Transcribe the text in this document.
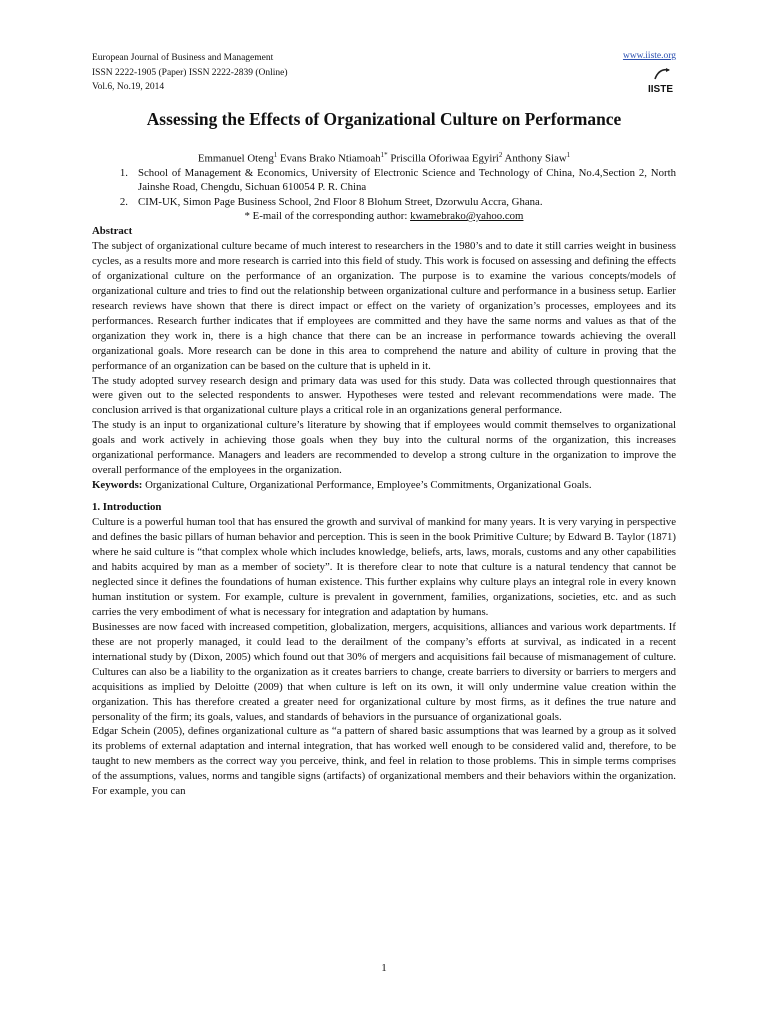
European Journal of Business and Management
ISSN 2222-1905 (Paper) ISSN 2222-2839 (Online)
Vol.6, No.19, 2014
www.iiste.org
IISTE
Assessing the Effects of Organizational Culture on Performance
Emmanuel Oteng$^1$ Evans Brako Ntiamoah$^{1*}$ Priscilla Oforiwaa Egyiri$^2$ Anthony Siaw$^1$
1. School of Management & Economics, University of Electronic Science and Technology of China, No.4,Section 2, North Jainshe Road, Chengdu, Sichuan 610054 P. R. China
2. CIM-UK, Simon Page Business School, 2nd Floor 8 Blohum Street, Dzorwulu Accra, Ghana.
* E-mail of the corresponding author: kwamebrako@yahoo.com

Abstract

The subject of organizational culture became of much interest to researchers in the 1980’s and to date it still carries weight in business cycles, as a results more and more research is carried into this field of study. This work is focused on assessing and defining the effects of organizational culture on the performance of an organization. The purpose is to examine the various concepts/models of organizational culture and tries to find out the relationship between organizational culture and performance in a business setup. Earlier research reviews have shown that there is direct impact or effect on the variety of organization’s processes, employees and its performances. Research further indicates that if employees are committed and they have the same norms and values as that of the organization they work in, there is a high chance that there can be an increase in performance towards achieving the overall organizational goals. More research can be done in this area to comprehend the nature and ability of culture in proving that the performance of an organization can be based on the culture that is upheld in it.

The study adopted survey research design and primary data was used for this study. Data was collected through questionnaires that were given out to the selected respondents to answer. Hypotheses were tested and relevant recommendations were made. The conclusion arrived is that organizational culture plays a critical role in an organizations general performance.

The study is an input to organizational culture’s literature by showing that if employees would commit themselves to organizational goals and work actively in achieving those goals when they buy into the cultural norms of the organization, this increases organizational performance. Managers and leaders are recommended to develop a strong culture in the organization to improve the overall performance of the employees in the organization.

Keywords: Organizational Culture, Organizational Performance, Employee’s Commitments, Organizational Goals.

1. Introduction

Culture is a powerful human tool that has ensured the growth and survival of mankind for many years. It is very varying in perspective and defines the basic pillars of human behavior and perception. This is seen in the book Primitive Culture; by Edward B. Taylor (1871) where he said culture is “that complex whole which includes knowledge, beliefs, arts, laws, morals, customs and any other capabilities and habits acquired by man as a member of society”. It is therefore clear to note that culture is a natural tendency that cannot be neglected since it defines the foundations of human existence. This further explains why culture plays an integral role in every known human institution or system. For example, culture is prevalent in government, families, organizations, societies, etc. and as such carries the very embodiment of what is necessary for integration and adaptation by humans.

Businesses are now faced with increased competition, globalization, mergers, acquisitions, alliances and various work departments. If these are not properly managed, it could lead to the derailment of the company’s efforts at survival, as indicated in a recent international study by (Dixon, 2005) which found out that 30% of mergers and acquisitions fail because of mismanagement of culture. Cultures can also be a liability to the organization as it creates barriers to change, create barriers to diversity or barriers to mergers and acquisitions as implied by Deloitte (2009) that when culture is left on its own, it will only undermine value creation within the organization. This has therefore created a greater need for organizational culture by most firms, as it defines the true nature and personality of the firm; its goals, values, and standards of behaviors in the pursuance of organizational goals.

Edgar Schein (2005), defines organizational culture as “a pattern of shared basic assumptions that was learned by a group as it solved its problems of external adaptation and internal integration, that has worked well enough to be considered valid and, therefore, to be taught to new members as the correct way you perceive, think, and feel in relation to those problems. This in simple terms comprises of the assumptions, values, norms and tangible signs (artifacts) of organizational members and their behaviors within the organization. For example, you can

1
